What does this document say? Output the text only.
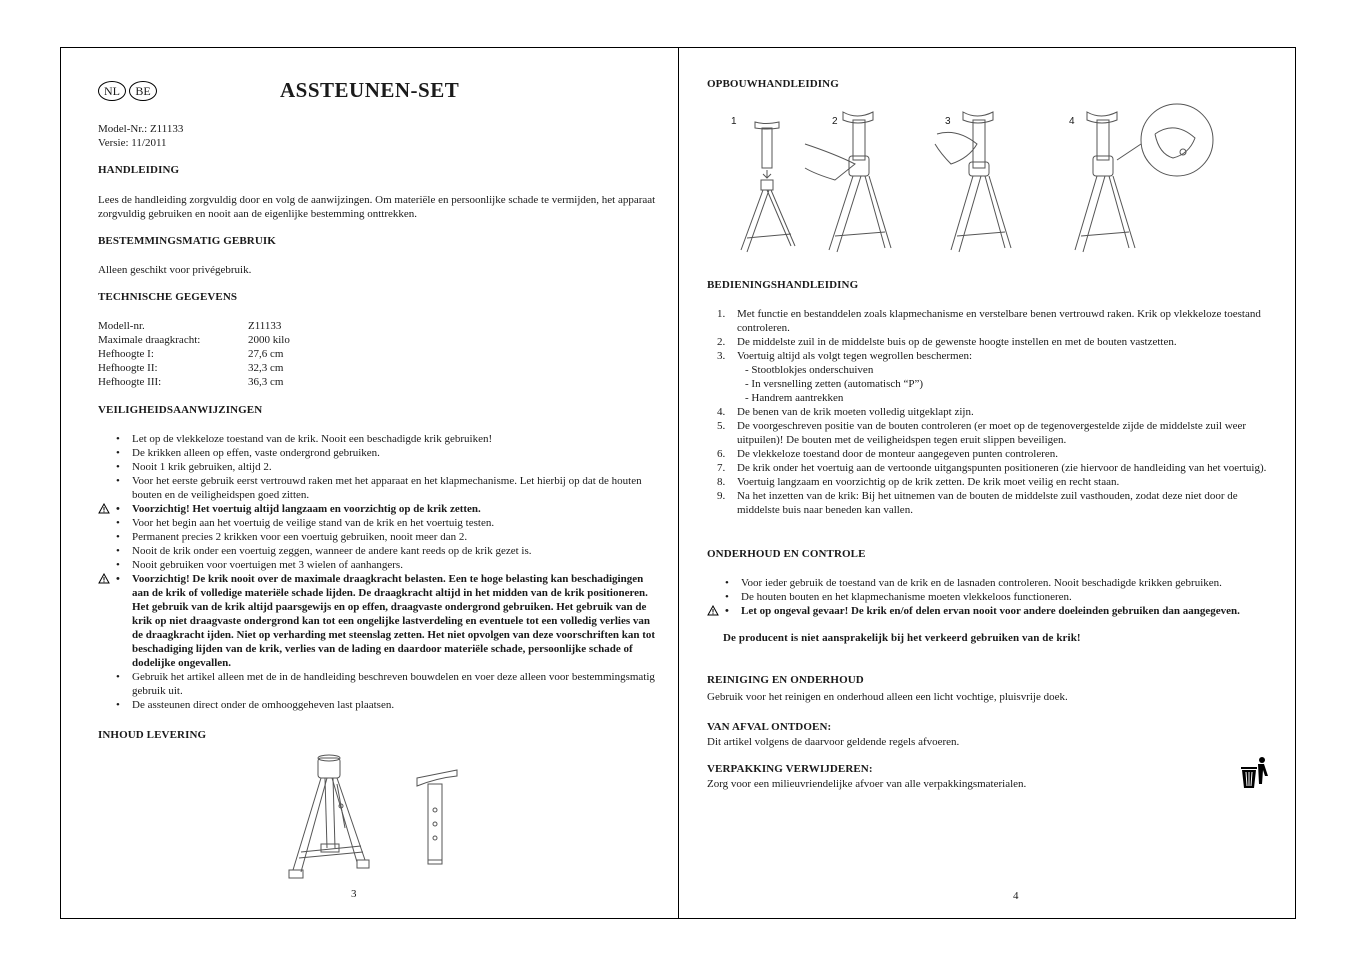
NL BE	ASSTEUNEN-SET
Model-Nr.: Z11133
Versie: 11/2011
HANDLEIDING
Lees de handleiding zorgvuldig door en volg de aanwijzingen. Om materiële en persoonlijke schade te vermijden, het apparaat zorgvuldig gebruiken en nooit aan de eigenlijke bestemming onttrekken.
BESTEMMINGSMATIG GEBRUIK
Alleen geschikt voor privégebruik.
TECHNISCHE GEGEVENS
Modell-nr.	Z11133
Maximale draagkracht:	2000 kilo
Hefhoogte I:	27,6 cm
Hefhoogte II:	32,3 cm
Hefhoogte III:	36,3 cm
VEILIGHEIDSAANWIJZINGEN
• Let op de vlekkeloze toestand van de krik. Nooit een beschadigde krik gebruiken!
• De krikken alleen op effen, vaste ondergrond gebruiken.
• Nooit 1 krik gebruiken, altijd 2.
• Voor het eerste gebruik eerst vertrouwd raken met het apparaat en het klapmechanisme. Let hierbij op dat de houten bouten en de veiligheidspen goed zitten.
• Voorzichtig! Het voertuig altijd langzaam en voorzichtig op de krik zetten.
• Voor het begin aan het voertuig de veilige stand van de krik en het voertuig testen.
• Permanent precies 2 krikken voor een voertuig gebruiken, nooit meer dan 2.
• Nooit de krik onder een voertuig zeggen, wanneer de andere kant reeds op de krik gezet is.
• Nooit gebruiken voor voertuigen met 3 wielen of aanhangers.
• Voorzichtig! De krik nooit over de maximale draagkracht belasten. Een te hoge belasting kan beschadigingen aan de krik of volledige materiële schade lijden. De draagkracht altijd in het midden van de krik positioneren. Het gebruik van de krik altijd paarsgewijs en op effen, draagvaste ondergrond gebruiken. Het gebruik van de krik op niet draagvaste ondergrond kan tot een ongelijke lastverdeling en eventuele tot een volledig verlies van de draagkracht ijden. Niet op verharding met steenslag zetten. Het niet opvolgen van deze voorschriften kan tot beschadiging lijden van de krik, verlies van de lading en daardoor materiële schade, persoonlijke schade of dodelijke ongevallen.
• Gebruik het artikel alleen met de in de handleiding beschreven bouwdelen en voer deze alleen voor bestemmingsmatig gebruik uit.
• De assteunen direct onder de omhooggeheven last plaatsen.
INHOUD LEVERING
3
OPBOUWHANDLEIDING
1	2	3	4
BEDIENINGSHANDLEIDING
1. Met functie en bestanddelen zoals klapmechanisme en verstelbare benen vertrouwd raken. Krik op vlekkeloze toestand controleren.
2. De middelste zuil in de middelste buis op de gewenste hoogte instellen en met de bouten vastzetten.
3. Voertuig altijd als volgt tegen wegrollen beschermen:
- Stootblokjes onderschuiven
- In versnelling zetten (automatisch “P”)
- Handrem aantrekken
4. De benen van de krik moeten volledig uitgeklapt zijn.
5. De voorgeschreven positie van de bouten controleren (er moet op de tegenovergestelde zijde de middelste zuil weer uitpuilen)! De bouten met de veiligheidspen tegen eruit slippen beveiligen.
6. De vlekkeloze toestand door de monteur aangegeven punten controleren.
7. De krik onder het voertuig aan de vertoonde uitgangspunten positioneren (zie hiervoor de handleiding van het voertuig).
8. Voertuig langzaam en voorzichtig op de krik zetten. De krik moet veilig en recht staan.
9. Na het inzetten van de krik: Bij het uitnemen van de bouten de middelste zuil vasthouden, zodat deze niet door de middelste buis naar beneden kan vallen.
ONDERHOUD EN CONTROLE
• Voor ieder gebruik de toestand van de krik en de lasnaden controleren. Nooit beschadigde krikken gebruiken.
• De houten bouten en het klapmechanisme moeten vlekkeloos functioneren.
• Let op ongeval gevaar! De krik en/of delen ervan nooit voor andere doeleinden gebruiken dan aangegeven.
De producent is niet aansprakelijk bij het verkeerd gebruiken van de krik!
REINIGING EN ONDERHOUD
Gebruik voor het reinigen en onderhoud alleen een licht vochtige, pluisvrije doek.
VAN AFVAL ONTDOEN:
Dit artikel volgens de daarvoor geldende regels afvoeren.
VERPAKKING VERWIJDEREN:
Zorg voor een milieuvriendelijke afvoer van alle verpakkingsmaterialen.
4
